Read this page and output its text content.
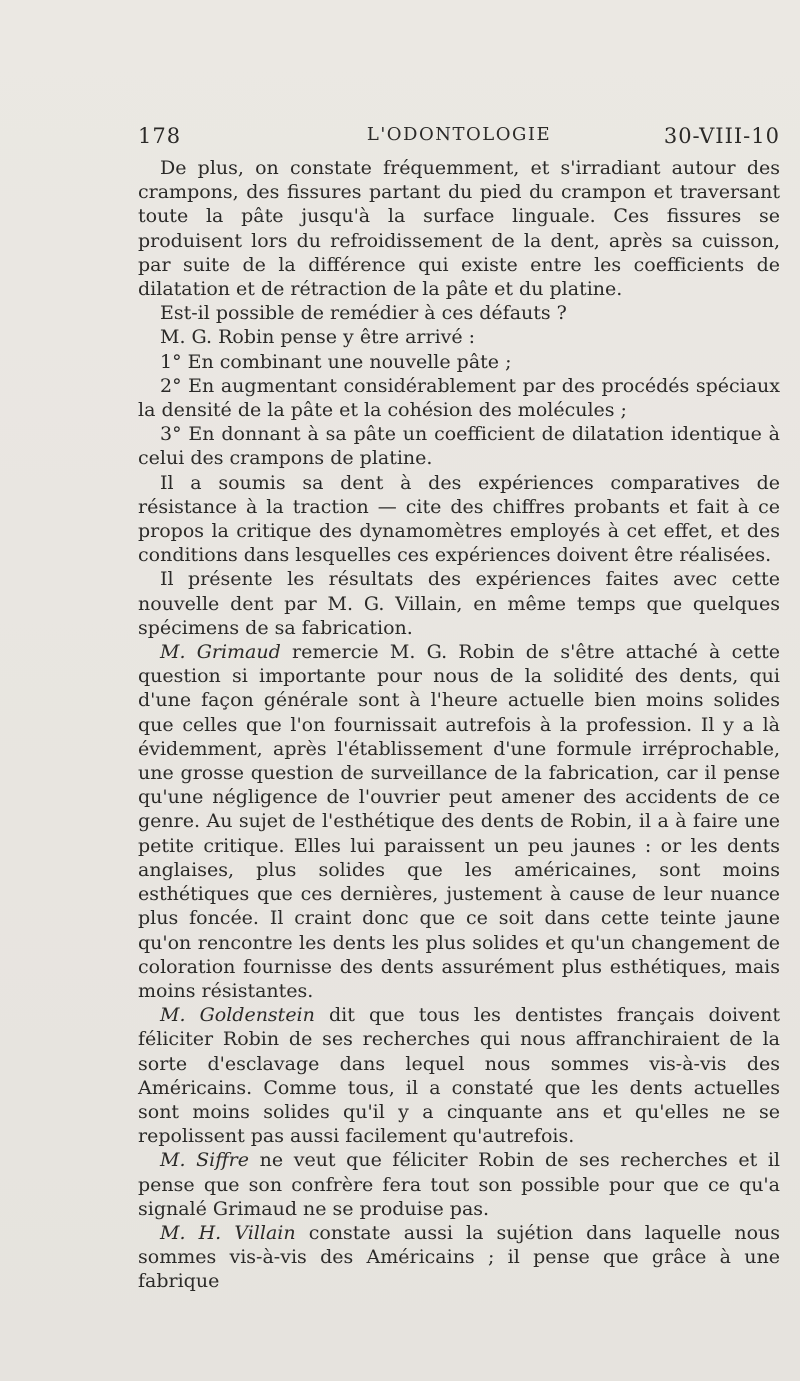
178	L'ODONTOLOGIE	30-VIII-10

De plus, on constate fréquemment, et s'irradiant autour des crampons, des fissures partant du pied du crampon et traversant toute la pâte jusqu'à la surface linguale. Ces fissures se produisent lors du refroidissement de la dent, après sa cuisson, par suite de la différence qui existe entre les coefficients de dilatation et de rétraction de la pâte et du platine.

Est-il possible de remédier à ces défauts ?

M. G. Robin pense y être arrivé :

1° En combinant une nouvelle pâte ;

2° En augmentant considérablement par des procédés spéciaux la densité de la pâte et la cohésion des molécules ;

3° En donnant à sa pâte un coefficient de dilatation identique à celui des crampons de platine.

Il a soumis sa dent à des expériences comparatives de résistance à la traction — cite des chiffres probants et fait à ce propos la critique des dynamomètres employés à cet effet, et des conditions dans lesquelles ces expériences doivent être réalisées.

Il présente les résultats des expériences faites avec cette nouvelle dent par M. G. Villain, en même temps que quelques spécimens de sa fabrication.

M. Grimaud remercie M. G. Robin de s'être attaché à cette question si importante pour nous de la solidité des dents, qui d'une façon générale sont à l'heure actuelle bien moins solides que celles que l'on fournissait autrefois à la profession. Il y a là évidemment, après l'établissement d'une formule irréprochable, une grosse question de surveillance de la fabrication, car il pense qu'une négligence de l'ouvrier peut amener des accidents de ce genre. Au sujet de l'esthétique des dents de Robin, il a à faire une petite critique. Elles lui paraissent un peu jaunes : or les dents anglaises, plus solides que les américaines, sont moins esthétiques que ces dernières, justement à cause de leur nuance plus foncée. Il craint donc que ce soit dans cette teinte jaune qu'on rencontre les dents les plus solides et qu'un changement de coloration fournisse des dents assurément plus esthétiques, mais moins résistantes.

M. Goldenstein dit que tous les dentistes français doivent féliciter Robin de ses recherches qui nous affranchiraient de la sorte d'esclavage dans lequel nous sommes vis-à-vis des Américains. Comme tous, il a constaté que les dents actuelles sont moins solides qu'il y a cinquante ans et qu'elles ne se repolissent pas aussi facilement qu'autrefois.

M. Siffre ne veut que féliciter Robin de ses recherches et il pense que son confrère fera tout son possible pour que ce qu'a signalé Grimaud ne se produise pas.

M. H. Villain constate aussi la sujétion dans laquelle nous sommes vis-à-vis des Américains ; il pense que grâce à une fabrique
